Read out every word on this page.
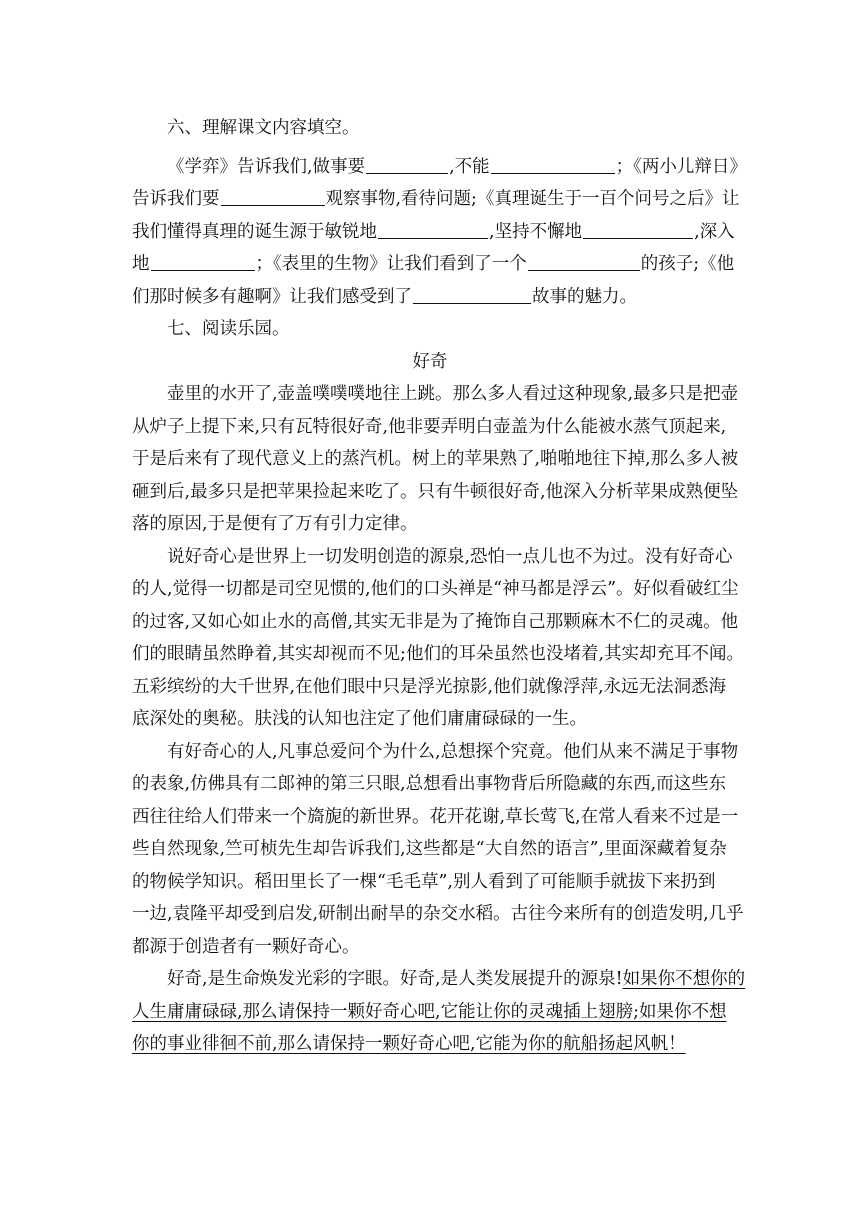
六、理解课文内容填空。
《学弈》告诉我们,做事要	,不能	；《两小儿辩日》
告诉我们要	观察事物,看待问题;《真理诞生于一百个问号之后》让
我们懂得真理的诞生源于敏锐地	,坚持不懈地	,深入
地	；《表里的生物》让我们看到了一个	的孩子;《他
们那时候多有趣啊》让我们感受到了	故事的魅力。
七、阅读乐园。
好奇
壶里的水开了,壶盖噗噗噗地往上跳。那么多人看过这种现象,最多只是把壶
从炉子上提下来,只有瓦特很好奇,他非要弄明白壶盖为什么能被水蒸气顶起来,
于是后来有了现代意义上的蒸汽机。树上的苹果熟了,啪啪地往下掉,那么多人被
砸到后,最多只是把苹果捡起来吃了。只有牛顿很好奇,他深入分析苹果成熟便坠
落的原因,于是便有了万有引力定律。
说好奇心是世界上一切发明创造的源泉,恐怕一点儿也不为过。没有好奇心
的人,觉得一切都是司空见惯的,他们的口头禅是“神马都是浮云”。好似看破红尘
的过客,又如心如止水的高僧,其实无非是为了掩饰自己那颗麻木不仁的灵魂。他
们的眼睛虽然睁着,其实却视而不见;他们的耳朵虽然也没堵着,其实却充耳不闻。
五彩缤纷的大千世界,在他们眼中只是浮光掠影,他们就像浮萍,永远无法洞悉海
底深处的奥秘。肤浅的认知也注定了他们庸庸碌碌的一生。
有好奇心的人,凡事总爱问个为什么,总想探个究竟。他们从来不满足于事物
的表象,仿佛具有二郎神的第三只眼,总想看出事物背后所隐藏的东西,而这些东
西往往给人们带来一个旖旎的新世界。花开花谢,草长莺飞,在常人看来不过是一
些自然现象,竺可桢先生却告诉我们,这些都是“大自然的语言”,里面深藏着复杂
的物候学知识。稻田里长了一棵“毛毛草”,别人看到了可能顺手就拔下来扔到
一边,袁隆平却受到启发,研制出耐旱的杂交水稻。古往今来所有的创造发明,几乎
都源于创造者有一颗好奇心。
好奇,是生命焕发光彩的字眼。好奇,是人类发展提升的源泉!如果你不想你的
人生庸庸碌碌,那么请保持一颗好奇心吧,它能让你的灵魂插上翅膀;如果你不想
你的事业徘徊不前,那么请保持一颗好奇心吧,它能为你的航船扬起风帆！
